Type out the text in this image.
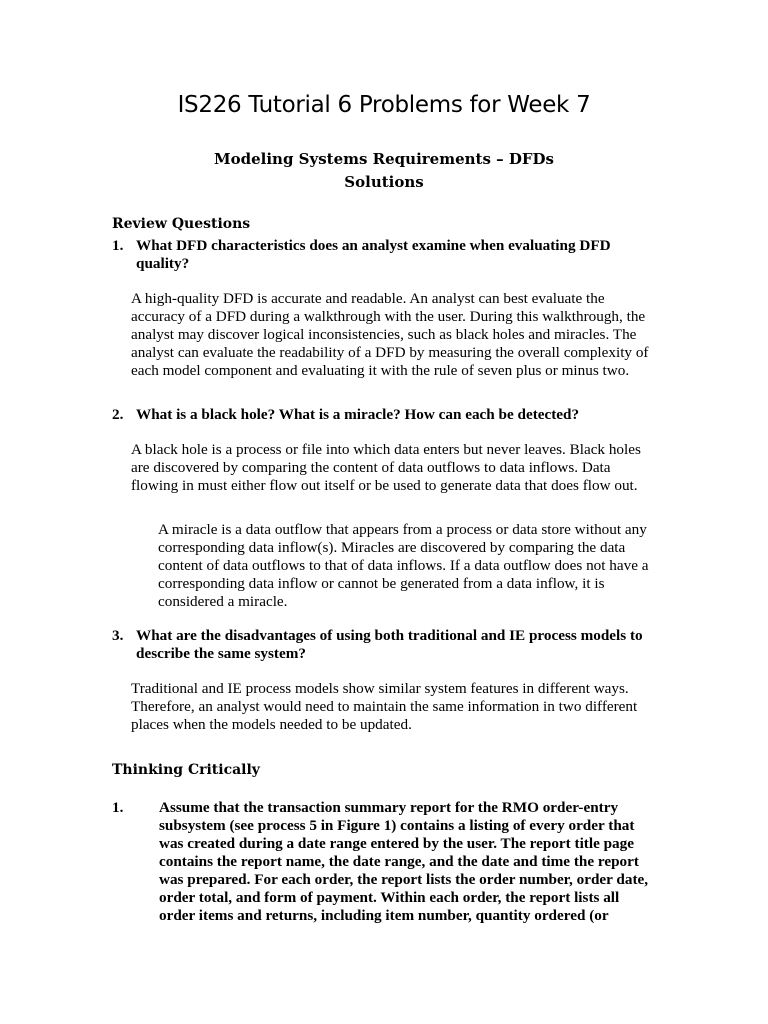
IS226 Tutorial 6 Problems for Week 7
Modeling Systems Requirements – DFDs
Solutions
Review Questions
1. What DFD characteristics does an analyst examine when evaluating DFD quality?

A high-quality DFD is accurate and readable. An analyst can best evaluate the accuracy of a DFD during a walkthrough with the user. During this walkthrough, the analyst may discover logical inconsistencies, such as black holes and miracles. The analyst can evaluate the readability of a DFD by measuring the overall complexity of each model component and evaluating it with the rule of seven plus or minus two.

2. What is a black hole? What is a miracle? How can each be detected?

A black hole is a process or file into which data enters but never leaves. Black holes are discovered by comparing the content of data outflows to data inflows. Data flowing in must either flow out itself or be used to generate data that does flow out.

A miracle is a data outflow that appears from a process or data store without any corresponding data inflow(s). Miracles are discovered by comparing the data content of data outflows to that of data inflows. If a data outflow does not have a corresponding data inflow or cannot be generated from a data inflow, it is considered a miracle.

3. What are the disadvantages of using both traditional and IE process models to describe the same system?

Traditional and IE process models show similar system features in different ways. Therefore, an analyst would need to maintain the same information in two different places when the models needed to be updated.

Thinking Critically
1.	Assume that the transaction summary report for the RMO order-entry subsystem (see process 5 in Figure 1) contains a listing of every order that was created during a date range entered by the user. The report title page contains the report name, the date range, and the date and time the report was prepared. For each order, the report lists the order number, order date, order total, and form of payment. Within each order, the report lists all order items and returns, including item number, quantity ordered (or
